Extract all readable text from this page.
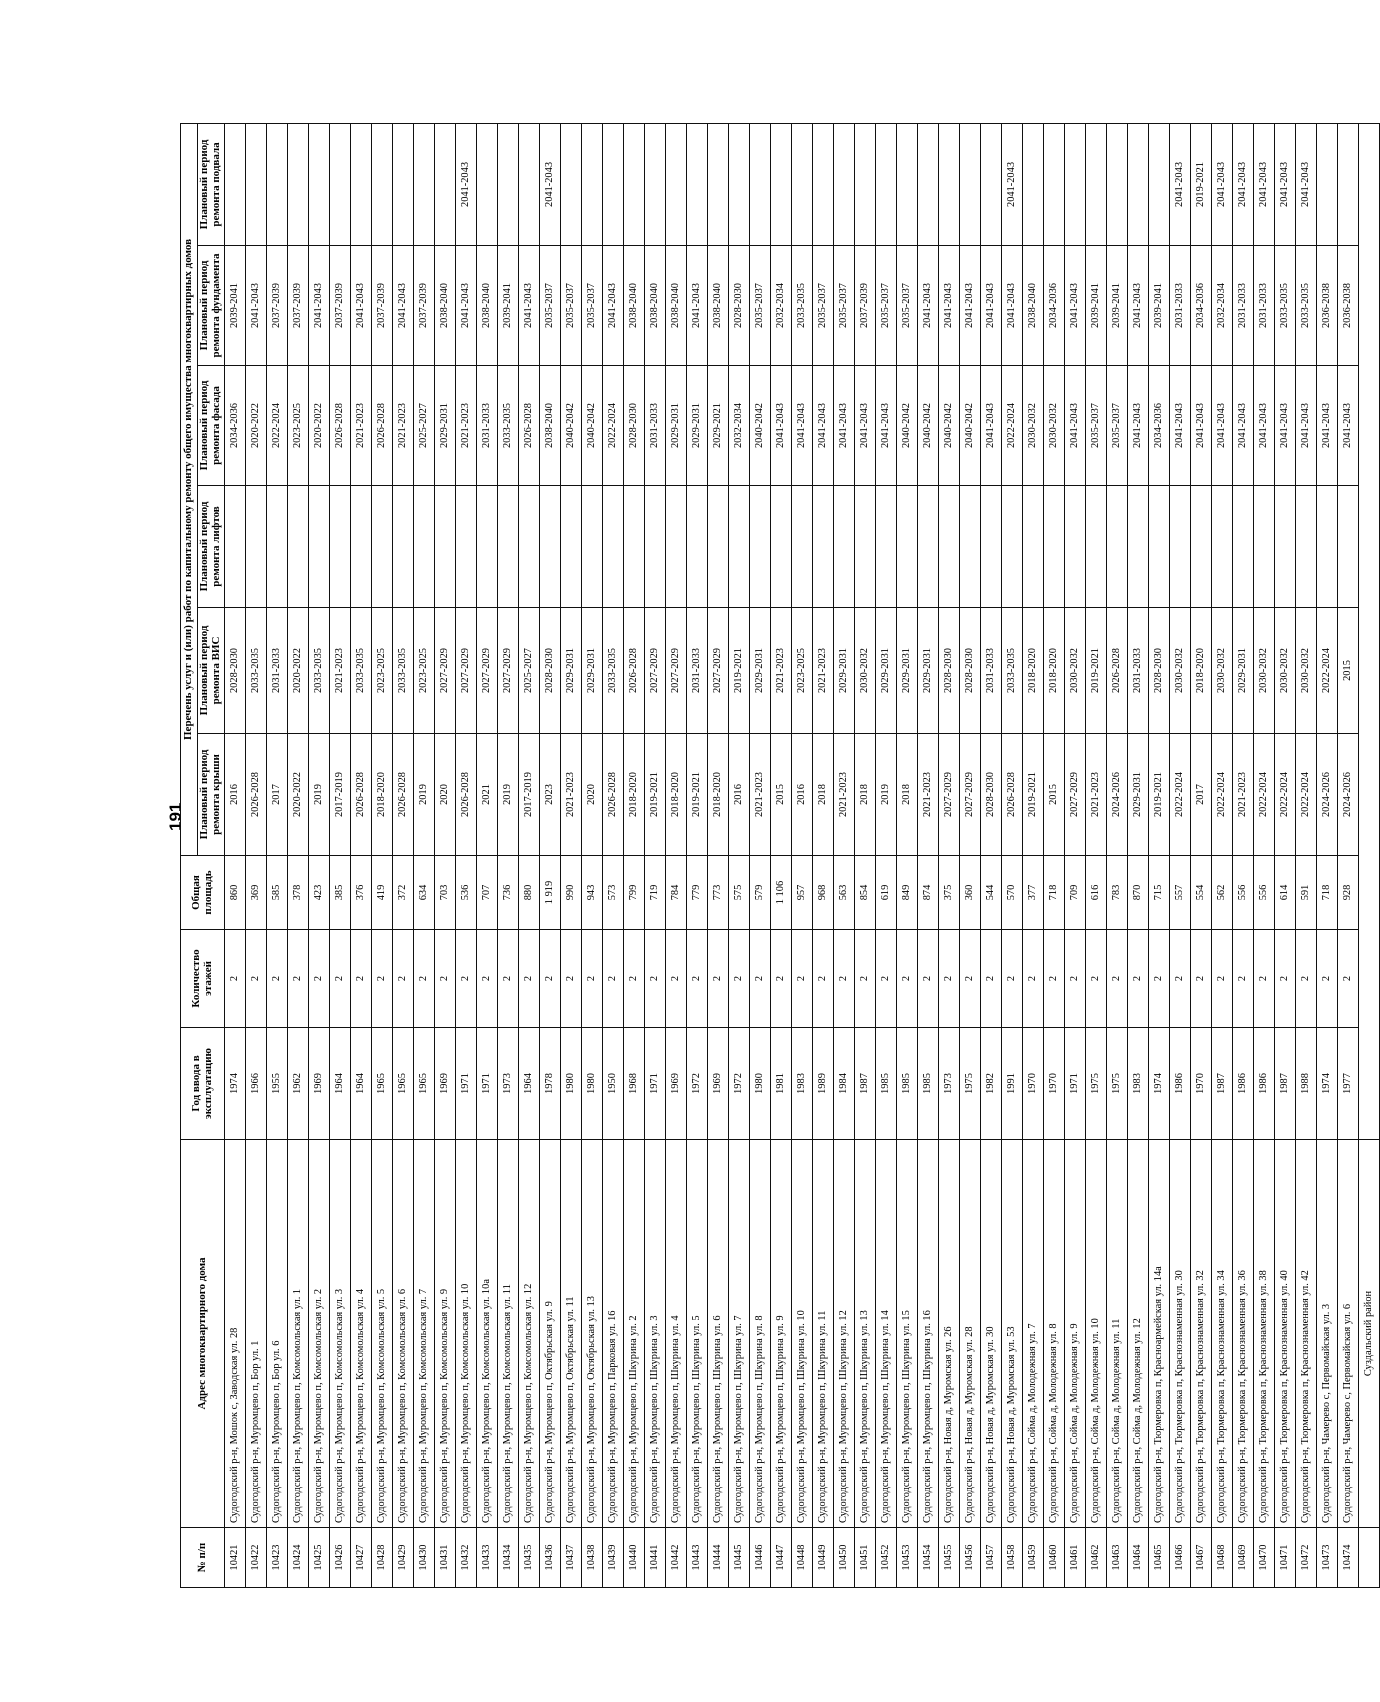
191
№ п/п	Адрес многоквартирного дома	Год ввода в эксплуатацию	Количество этажей	Общая площадь	Перечень услуг и (или) работ по капитальному ремонту общего имущества многоквартирных домов					
					Плановый период ремонта крыши	Плановый период ремонта ВИС	Плановый период ремонта лифтов	Плановый период ремонта фасада	Плановый период ремонта фундамента	Плановый период ремонта подвала
10421	Судогодский р-н, Мошок с, Заводская ул. 28	1974	2	860	2016	2028-2030		2034-2036	2039-2041	
10422	Судогодский р-н, Муромцево п, Бор ул. 1	1966	2	369	2026-2028	2033-2035		2020-2022	2041-2043	
10423	Судогодский р-н, Муромцево п, Бор ул. 6	1955	2	585	2017	2031-2033		2022-2024	2037-2039	
10424	Судогодский р-н, Муромцево п, Комсомольская ул. 1	1962	2	378	2020-2022	2020-2022		2023-2025	2037-2039	
10425	Судогодский р-н, Муромцево п, Комсомольская ул. 2	1969	2	423	2019	2033-2035		2020-2022	2041-2043	
10426	Судогодский р-н, Муромцево п, Комсомольская ул. 3	1964	2	385	2017-2019	2021-2023		2026-2028	2037-2039	
10427	Судогодский р-н, Муромцево п, Комсомольская ул. 4	1964	2	376	2026-2028	2033-2035		2021-2023	2041-2043	
10428	Судогодский р-н, Муромцево п, Комсомольская ул. 5	1965	2	419	2018-2020	2023-2025		2026-2028	2037-2039	
10429	Судогодский р-н, Муромцево п, Комсомольская ул. 6	1965	2	372	2026-2028	2033-2035		2021-2023	2041-2043	
10430	Судогодский р-н, Муромцево п, Комсомольская ул. 7	1965	2	634	2019	2023-2025		2025-2027	2037-2039	
10431	Судогодский р-н, Муромцево п, Комсомольская ул. 9	1969	2	703	2020	2027-2029		2029-2031	2038-2040	
10432	Судогодский р-н, Муромцево п, Комсомольская ул. 10	1971	2	536	2026-2028	2027-2029		2021-2023	2041-2043	2041-2043
10433	Судогодский р-н, Муромцево п, Комсомольская ул. 10а	1971	2	707	2021	2027-2029		2031-2033	2038-2040	
10434	Судогодский р-н, Муромцево п, Комсомольская ул. 11	1973	2	736	2019	2027-2029		2033-2035	2039-2041	
10435	Судогодский р-н, Муромцево п, Комсомольская ул. 12	1964	2	880	2017-2019	2025-2027		2026-2028	2041-2043	
10436	Судогодский р-н, Муромцево п, Октябрьская ул. 9	1978	2	1 919	2023	2028-2030		2038-2040	2035-2037	2041-2043
10437	Судогодский р-н, Муромцево п, Октябрьская ул. 11	1980	2	990	2021-2023	2029-2031		2040-2042	2035-2037	
10438	Судогодский р-н, Муромцево п, Октябрьская ул. 13	1980	2	943	2020	2029-2031		2040-2042	2035-2037	
10439	Судогодский р-н, Муромцево п, Парковая ул. 16	1950	2	573	2026-2028	2033-2035		2022-2024	2041-2043	
10440	Судогодский р-н, Муромцево п, Шкурина ул. 2	1968	2	799	2018-2020	2026-2028		2028-2030	2038-2040	
10441	Судогодский р-н, Муромцево п, Шкурина ул. 3	1971	2	719	2019-2021	2027-2029		2031-2033	2038-2040	
10442	Судогодский р-н, Муромцево п, Шкурина ул. 4	1969	2	784	2018-2020	2027-2029		2029-2031	2038-2040	
10443	Судогодский р-н, Муромцево п, Шкурина ул. 5	1972	2	779	2019-2021	2031-2033		2029-2031	2041-2043	
10444	Судогодский р-н, Муромцево п, Шкурина ул. 6	1969	2	773	2018-2020	2027-2029		2029-2021	2038-2040	
10445	Судогодский р-н, Муромцево п, Шкурина ул. 7	1972	2	575	2016	2019-2021		2032-2034	2028-2030	
10446	Судогодский р-н, Муромцево п, Шкурина ул. 8	1980	2	579	2021-2023	2029-2031		2040-2042	2035-2037	
10447	Судогодский р-н, Муромцево п, Шкурина ул. 9	1981	2	1 106	2015	2021-2023		2041-2043	2032-2034	
10448	Судогодский р-н, Муромцево п, Шкурина ул. 10	1983	2	957	2016	2023-2025		2041-2043	2033-2035	
10449	Судогодский р-н, Муромцево п, Шкурина ул. 11	1989	2	968	2018	2021-2023		2041-2043	2035-2037	
10450	Судогодский р-н, Муромцево п, Шкурина ул. 12	1984	2	563	2021-2023	2029-2031		2041-2043	2035-2037	
10451	Судогодский р-н, Муромцево п, Шкурина ул. 13	1987	2	854	2018	2030-2032		2041-2043	2037-2039	
10452	Судогодский р-н, Муромцево п, Шкурина ул. 14	1985	2	619	2019	2029-2031		2041-2043	2035-2037	
10453	Судогодский р-н, Муромцево п, Шкурина ул. 15	1985	2	849	2018	2029-2031		2040-2042	2035-2037	
10454	Судогодский р-н, Муромцево п, Шкурина ул. 16	1985	2	874	2021-2023	2029-2031		2040-2042	2041-2043	
10455	Судогодский р-н, Новая д, Муромская ул. 26	1973	2	375	2027-2029	2028-2030		2040-2042	2041-2043	
10456	Судогодский р-н, Новая д, Муромская ул. 28	1975	2	360	2027-2029	2028-2030		2040-2042	2041-2043	
10457	Судогодский р-н, Новая д, Муромская ул. 30	1982	2	544	2028-2030	2031-2033		2041-2043	2041-2043	
10458	Судогодский р-н, Новая д, Муромская ул. 53	1991	2	570	2026-2028	2033-2035		2022-2024	2041-2043	2041-2043
10459	Судогодский р-н, Сойма д, Молодежная ул. 7	1970	2	377	2019-2021	2018-2020		2030-2032	2038-2040	
10460	Судогодский р-н, Сойма д, Молодежная ул. 8	1970	2	718	2015	2018-2020		2030-2032	2034-2036	
10461	Судогодский р-н, Сойма д, Молодежная ул. 9	1971	2	709	2027-2029	2030-2032		2041-2043	2041-2043	
10462	Судогодский р-н, Сойма д, Молодежная ул. 10	1975	2	616	2021-2023	2019-2021		2035-2037	2039-2041	
10463	Судогодский р-н, Сойма д, Молодежная ул. 11	1975	2	783	2024-2026	2026-2028		2035-2037	2039-2041	
10464	Судогодский р-н, Сойма д, Молодежная ул. 12	1983	2	870	2029-2031	2031-2033		2041-2043	2041-2043	
10465	Судогодский р-н, Тюрмеровка п, Красноармейская ул. 14а	1974	2	715	2019-2021	2028-2030		2034-2036	2039-2041	
10466	Судогодский р-н, Тюрмеровка п, Краснознаменная ул. 30	1986	2	557	2022-2024	2030-2032		2041-2043	2031-2033	2041-2043
10467	Судогодский р-н, Тюрмеровка п, Краснознаменная ул. 32	1970	2	554	2017	2018-2020		2041-2043	2034-2036	2019-2021
10468	Судогодский р-н, Тюрмеровка п, Краснознаменная ул. 34	1987	2	562	2022-2024	2030-2032		2041-2043	2032-2034	2041-2043
10469	Судогодский р-н, Тюрмеровка п, Краснознаменная ул. 36	1986	2	556	2021-2023	2029-2031		2041-2043	2031-2033	2041-2043
10470	Судогодский р-н, Тюрмеровка п, Краснознаменная ул. 38	1986	2	556	2022-2024	2030-2032		2041-2043	2031-2033	2041-2043
10471	Судогодский р-н, Тюрмеровка п, Краснознаменная ул. 40	1987	2	614	2022-2024	2030-2032		2041-2043	2033-2035	2041-2043
10472	Судогодский р-н, Тюрмеровка п, Краснознаменная ул. 42	1988	2	591	2022-2024	2030-2032		2041-2043	2033-2035	2041-2043
10473	Судогодский р-н, Чамерево с, Первомайская ул. 3	1974	2	718	2024-2026	2022-2024		2041-2043	2036-2038	
10474	Судогодский р-н, Чамерево с, Первомайская ул. 6	1977	2	928	2024-2026	2015		2041-2043	2036-2038	
	Суздальский район									
